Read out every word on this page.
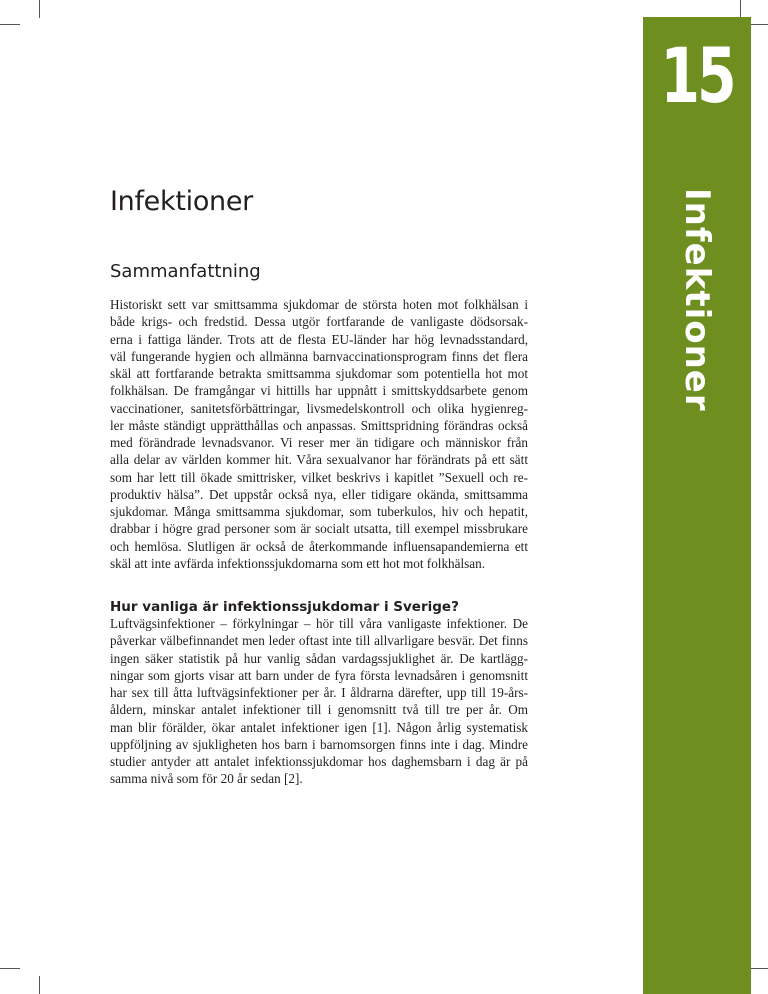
15
Infektioner
Infektioner
Sammanfattning
Historiskt sett var smittsamma sjukdomar de största hoten mot folkhälsan i
både krigs- och fredstid. Dessa utgör fortfarande de vanligaste dödsorsak-
erna i fattiga länder. Trots att de flesta EU-länder har hög levnadsstandard,
väl fungerande hygien och allmänna barnvaccinationsprogram finns det flera
skäl att fortfarande betrakta smittsamma sjukdomar som potentiella hot mot
folkhälsan. De framgångar vi hittills har uppnått i smittskyddsarbete genom
vaccinationer, sanitetsförbättringar, livsmedelskontroll och olika hygienreg-
ler måste ständigt upprätthållas och anpassas. Smittspridning förändras också
med förändrade levnadsvanor. Vi reser mer än tidigare och människor från
alla delar av världen kommer hit. Våra sexualvanor har förändrats på ett sätt
som har lett till ökade smittrisker, vilket beskrivs i kapitlet ”Sexuell och re-
produktiv hälsa”. Det uppstår också nya, eller tidigare okända, smittsamma
sjukdomar. Många smittsamma sjukdomar, som tuberkulos, hiv och hepatit,
drabbar i högre grad personer som är socialt utsatta, till exempel missbrukare
och hemlösa. Slutligen är också de återkommande influensapandemierna ett
skäl att inte avfärda infektionssjukdomarna som ett hot mot folkhälsan.
Hur vanliga är infektionssjukdomar i Sverige?
Luftvägsinfektioner – förkylningar – hör till våra vanligaste infektioner. De
påverkar välbefinnandet men leder oftast inte till allvarligare besvär. Det finns
ingen säker statistik på hur vanlig sådan vardagssjuklighet är. De kartlägg-
ningar som gjorts visar att barn under de fyra första levnadsåren i genomsnitt
har sex till åtta luftvägsinfektioner per år. I åldrarna därefter, upp till 19-års-
åldern, minskar antalet infektioner till i genomsnitt två till tre per år. Om
man blir förälder, ökar antalet infektioner igen [1]. Någon årlig systematisk
uppföljning av sjukligheten hos barn i barnomsorgen finns inte i dag. Mindre
studier antyder att antalet infektionssjukdomar hos daghemsbarn i dag är på
samma nivå som för 20 år sedan [2].
